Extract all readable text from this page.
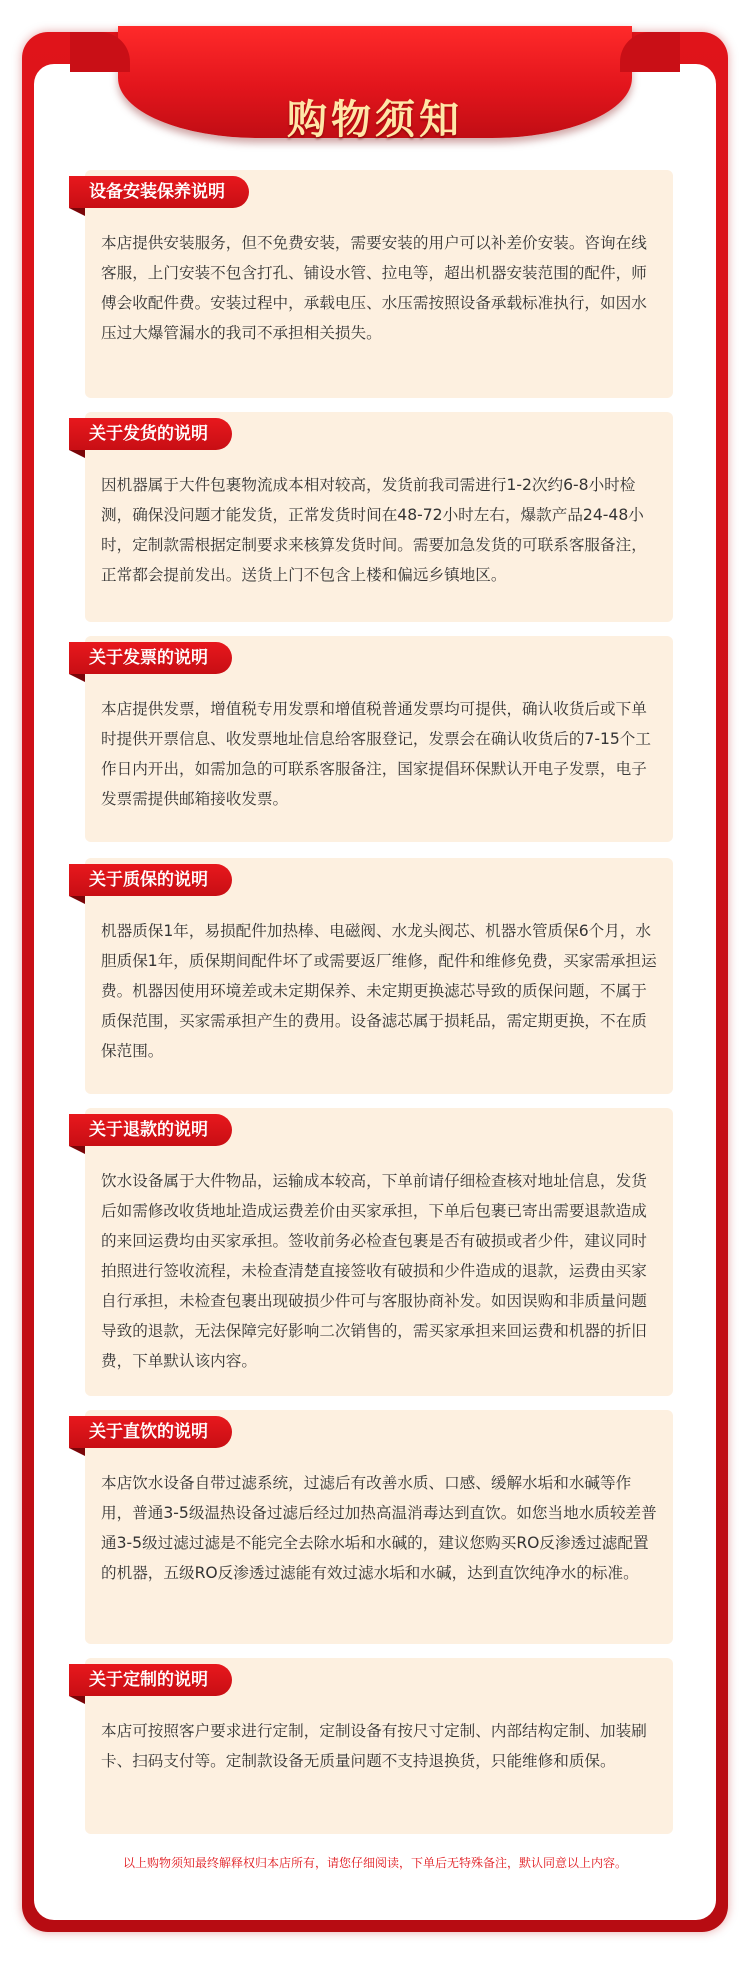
购物须知
设备安装保养说明
本店提供安装服务，但不免费安装，需要安装的用户可以补差价安装。咨询在线客服，上门安装不包含打孔、铺设水管、拉电等，超出机器安装范围的配件，师傅会收配件费。安装过程中，承载电压、水压需按照设备承载标准执行，如因水压过大爆管漏水的我司不承担相关损失。
关于发货的说明
因机器属于大件包裹物流成本相对较高，发货前我司需进行1-2次约6-8小时检测，确保没问题才能发货，正常发货时间在48-72小时左右，爆款产品24-48小时，定制款需根据定制要求来核算发货时间。需要加急发货的可联系客服备注，正常都会提前发出。送货上门不包含上楼和偏远乡镇地区。
关于发票的说明
本店提供发票，增值税专用发票和增值税普通发票均可提供，确认收货后或下单时提供开票信息、收发票地址信息给客服登记，发票会在确认收货后的7-15个工作日内开出，如需加急的可联系客服备注，国家提倡环保默认开电子发票，电子发票需提供邮箱接收发票。
关于质保的说明
机器质保1年，易损配件加热棒、电磁阀、水龙头阀芯、机器水管质保6个月，水胆质保1年，质保期间配件坏了或需要返厂维修，配件和维修免费，买家需承担运费。机器因使用环境差或未定期保养、未定期更换滤芯导致的质保问题，不属于质保范围，买家需承担产生的费用。设备滤芯属于损耗品，需定期更换，不在质保范围。
关于退款的说明
饮水设备属于大件物品，运输成本较高，下单前请仔细检查核对地址信息，发货后如需修改收货地址造成运费差价由买家承担，下单后包裹已寄出需要退款造成的来回运费均由买家承担。签收前务必检查包裹是否有破损或者少件，建议同时拍照进行签收流程，未检查清楚直接签收有破损和少件造成的退款，运费由买家自行承担，未检查包裹出现破损少件可与客服协商补发。如因误购和非质量问题导致的退款，无法保障完好影响二次销售的，需买家承担来回运费和机器的折旧费，下单默认该内容。
关于直饮的说明
本店饮水设备自带过滤系统，过滤后有改善水质、口感、缓解水垢和水碱等作用，普通3-5级温热设备过滤后经过加热高温消毒达到直饮。如您当地水质较差普通3-5级过滤过滤是不能完全去除水垢和水碱的，建议您购买RO反渗透过滤配置的机器，五级RO反渗透过滤能有效过滤水垢和水碱，达到直饮纯净水的标准。
关于定制的说明
本店可按照客户要求进行定制，定制设备有按尺寸定制、内部结构定制、加装刷卡、扫码支付等。定制款设备无质量问题不支持退换货，只能维修和质保。
以上购物须知最终解释权归本店所有，请您仔细阅读，下单后无特殊备注，默认同意以上内容。
